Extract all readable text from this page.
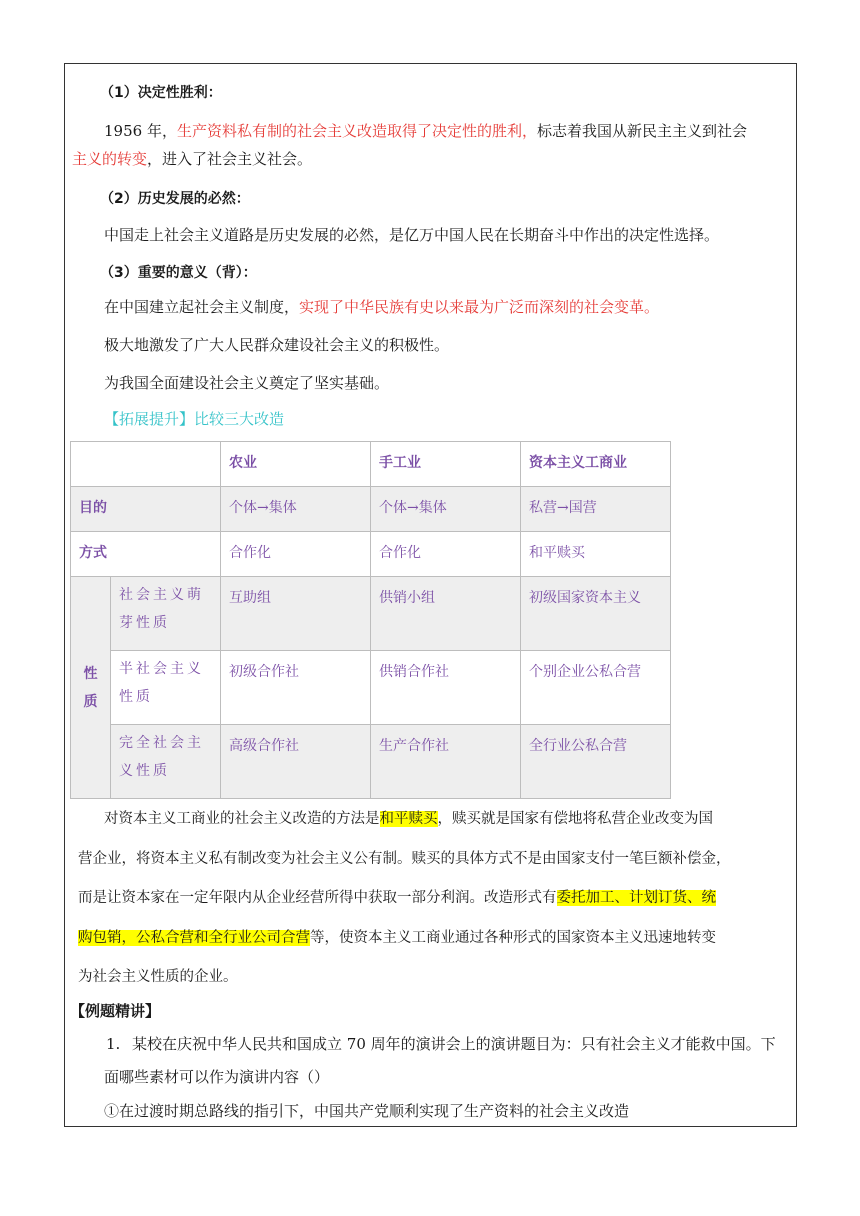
（1）决定性胜利：
1956 年，生产资料私有制的社会主义改造取得了决定性的胜利，标志着我国从新民主主义到社会
主义的转变，进入了社会主义社会。
（2）历史发展的必然：
中国走上社会主义道路是历史发展的必然，是亿万中国人民在长期奋斗中作出的决定性选择。
（3）重要的意义（背）：
在中国建立起社会主义制度，实现了中华民族有史以来最为广泛而深刻的社会变革。
极大地激发了广大人民群众建设社会主义的积极性。
为我国全面建设社会主义奠定了坚实基础。
【拓展提升】比较三大改造
		农业	手工业	资本主义工商业
目的		个体→集体	个体→集体	私营→国营
方式		合作化	合作化	和平赎买
性质	社会主义萌芽性质	互助组	供销小组	初级国家资本主义
	半社会主义性质	初级合作社	供销合作社	个别企业公私合营
	完全社会主义性质	高级合作社	生产合作社	全行业公私合营
对资本主义工商业的社会主义改造的方法是和平赎买，赎买就是国家有偿地将私营企业改变为国
营企业，将资本主义私有制改变为社会主义公有制。赎买的具体方式不是由国家支付一笔巨额补偿金，
而是让资本家在一定年限内从企业经营所得中获取一部分利润。改造形式有委托加工、计划订货、统
购包销，公私合营和全行业公司合营等，使资本主义工商业通过各种形式的国家资本主义迅速地转变
为社会主义性质的企业。
【例题精讲】
1. 某校在庆祝中华人民共和国成立 70 周年的演讲会上的演讲题目为：只有社会主义才能救中国。下
面哪些素材可以作为演讲内容（）
①在过渡时期总路线的指引下，中国共产党顺利实现了生产资料的社会主义改造
